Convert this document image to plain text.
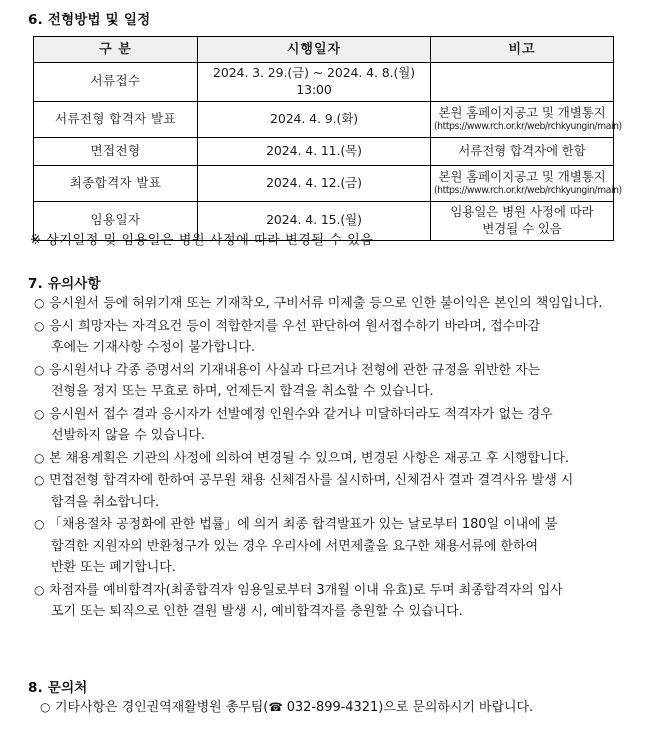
6. 전형방법 및 일정
구 분	시행일자	비고
서류접수	2024. 3. 29.(금) ~ 2024. 4. 8.(월) 13:00	

서류전형 합격자 발표	2024. 4. 9.(화)	본원 홈페이지공고 및 개별통지
(https://www.rch.or.kr/web/rchkyungin/main)

면접전형	2024. 4. 11.(목)	서류전형 합격자에 한함

최종합격자 발표	2024. 4. 12.(금)	본원 홈페이지공고 및 개별통지
(https://www.rch.or.kr/web/rchkyungin/main)

임용일자	2024. 4. 15.(월)	임용일은 병원 사정에 따라
변경될 수 있음
※ 상기일정 및 임용일은 병원 사정에 따라 변경될 수 있음
7. 유의사항
○ 응시원서 등에 허위기재 또는 기재착오, 구비서류 미제출 등으로 인한 불이익은 본인의 책임입니다.
○ 응시 희망자는 자격요건 등이 적합한지를 우선 판단하여 원서접수하기 바라며, 접수마감
후에는 기재사항 수정이 불가합니다.
○ 응시원서나 각종 증명서의 기재내용이 사실과 다르거나 전형에 관한 규정을 위반한 자는
전형을 정지 또는 무효로 하며, 언제든지 합격을 취소할 수 있습니다.
○ 응시원서 접수 결과 응시자가 선발예정 인원수와 같거나 미달하더라도 적격자가 없는 경우
선발하지 않을 수 있습니다.
○ 본 채용계획은 기관의 사정에 의하여 변경될 수 있으며, 변경된 사항은 재공고 후 시행합니다.
○ 면접전형 합격자에 한하여 공무원 채용 신체검사를 실시하며, 신체검사 결과 결격사유 발생 시
합격을 취소합니다.
○ 「채용절차 공정화에 관한 법률」에 의거 최종 합격발표가 있는 날로부터 180일 이내에 불
합격한 지원자의 반환청구가 있는 경우 우리사에 서면제출을 요구한 채용서류에 한하여
반환 또는 폐기합니다.
○ 차점자를 예비합격자(최종합격자 임용일로부터 3개월 이내 유효)로 두며 최종합격자의 입사
포기 또는 퇴직으로 인한 결원 발생 시, 예비합격자를 충원할 수 있습니다.
8. 문의처
○ 기타사항은 경인권역재활병원 총무팀(☎ 032-899-4321)으로 문의하시기 바랍니다.
